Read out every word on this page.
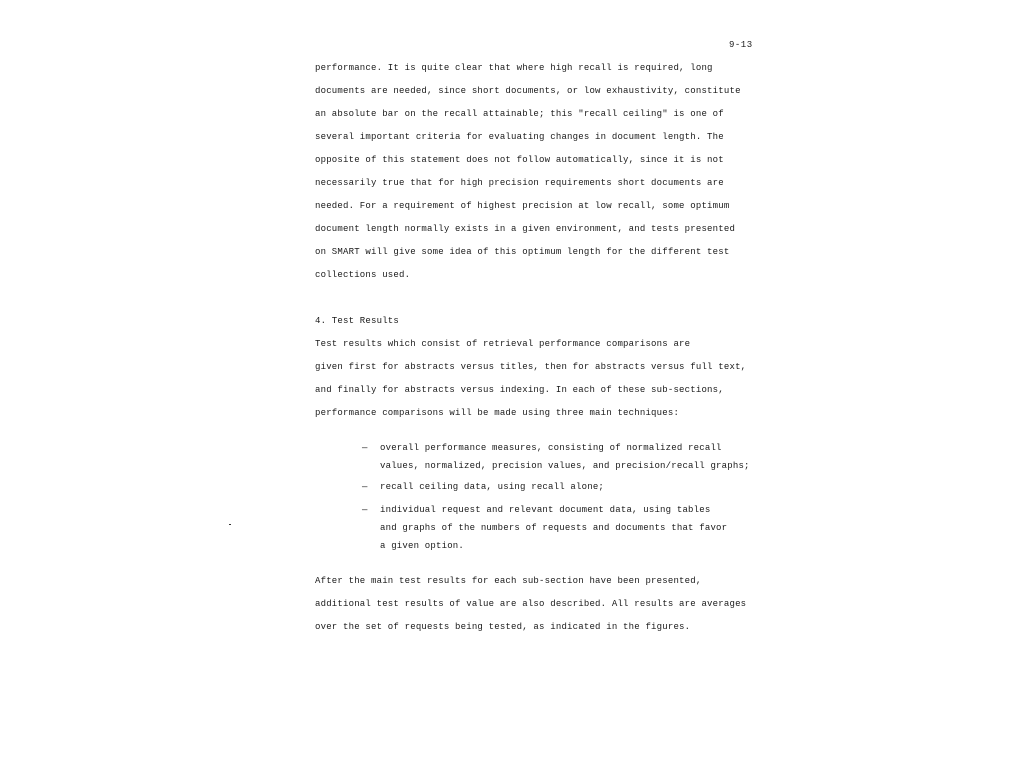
9-13
performance. It is quite clear that where high recall is required, long
documents are needed, since short documents, or low exhaustivity, constitute
an absolute bar on the recall attainable; this "recall ceiling" is one of
several important criteria for evaluating changes in document length. The
opposite of this statement does not follow automatically, since it is not
necessarily true that for high precision requirements short documents are
needed. For a requirement of highest precision at low recall, some optimum
document length normally exists in a given environment, and tests presented
on SMART will give some idea of this optimum length for the different test
collections used.
4. Test Results
Test results which consist of retrieval performance comparisons are
given first for abstracts versus titles, then for abstracts versus full text,
and finally for abstracts versus indexing. In each of these sub-sections,
performance comparisons will be made using three main techniques:
— overall performance measures, consisting of normalized recall
values, normalized, precision values, and precision/recall graphs;
— recall ceiling data, using recall alone;
— individual request and relevant document data, using tables
and graphs of the numbers of requests and documents that favor
a given option.
After the main test results for each sub-section have been presented,
additional test results of value are also described. All results are averages
over the set of requests being tested, as indicated in the figures.
